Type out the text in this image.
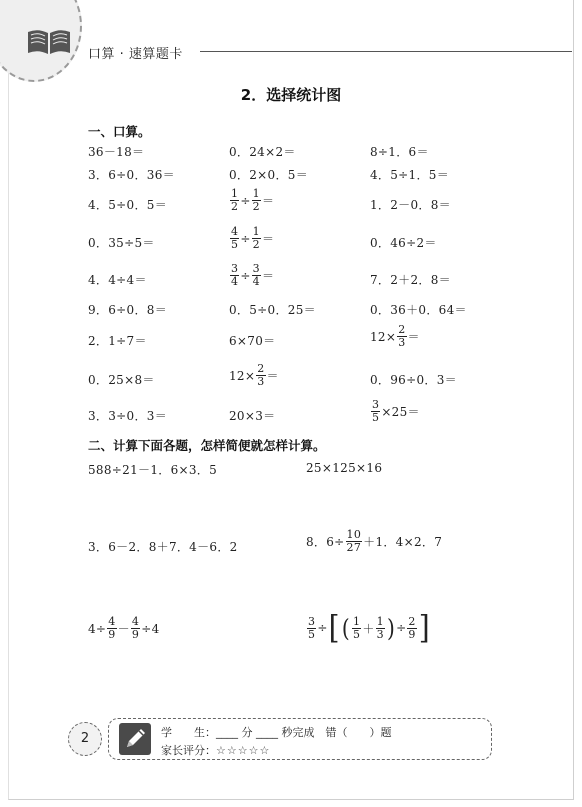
口算 · 速算题卡
2．选择统计图
一、口算。
36－18＝	0．24×2＝	8÷1．6＝
3．6÷0．36＝	0．2×0．5＝	4．5÷1．5＝
4．5÷0．5＝	$\frac{1}{2} \div \frac{1}{2}$ ＝	1．2－0．8＝
0．35÷5＝	$\frac{4}{5} \div \frac{1}{2}$ ＝	0．46÷2＝
4．4÷4＝	$\frac{3}{4} \div \frac{3}{4}$ ＝	7．2＋2．8＝
9．6÷0．8＝	0．5÷0．25＝	0．36＋0．64＝
2．1÷7＝	6×70＝	$12\times \frac{2}{3}$ ＝
0．25×8＝	$12\times \frac{2}{3}$ ＝	0．96÷0．3＝
3．3÷0．3＝	20×3＝	$\frac{3}{5} \times 25=$
二、计算下面各题，怎样简便就怎样计算。
588÷21－1．6×3．5	25×125×16
3．6－2．8＋7．4－6．2	8．$6\div \frac{10}{27} +1$．4×2．7
$4\div \frac{4}{9} - \frac{4}{9} \div 4$	$\frac{3}{5}$ ÷ [ ( $\frac{1}{5} + \frac{1}{3}$ ) ÷ $\frac{2}{9}$ ]
2	学　　生：____ 分 ____ 秒完成　错（　　）题
家长评分：☆☆☆☆☆
